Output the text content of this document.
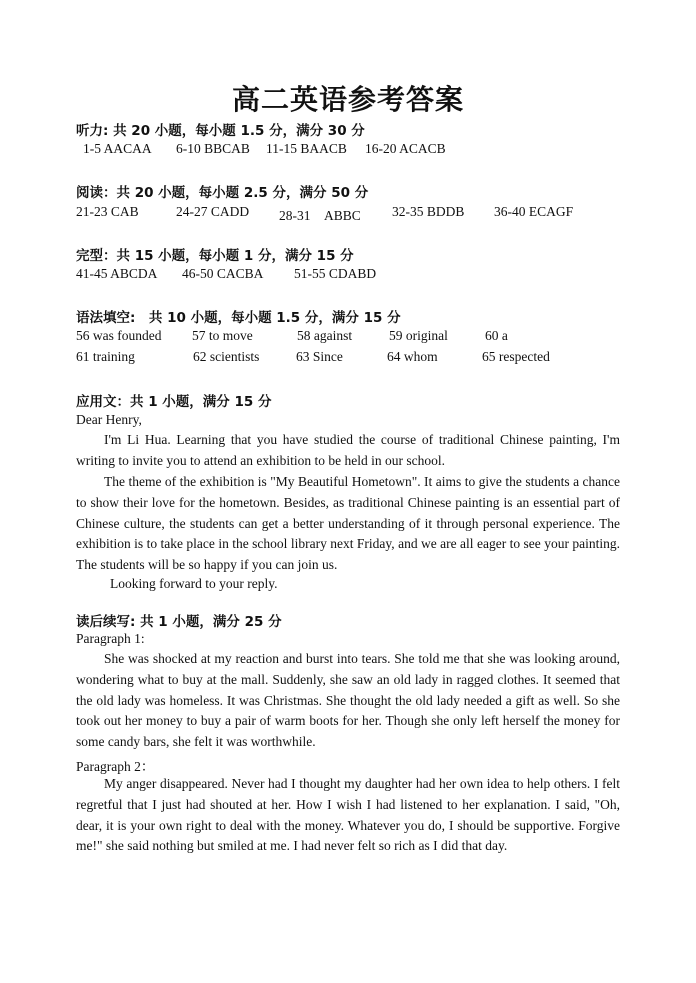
高二英语参考答案
听力: 共 20 小题，每小题 1.5 分，满分 30 分
1-5 AACAA 6-10 BBCAB 11-15 BAACB 16-20 ACACB
阅读：共 20 小题，每小题 2.5 分，满分 50 分
21-23 CAB	24-27 CADD 28-31　ABBC 32-35 BDDB 36-40 ECAGF
完型：共 15 小题，每小题 1 分，满分 15 分
41-45 ABCDA 46-50 CACBA 51-55 CDABD
语法填空:　共 10 小题，每小题 1.5 分，满分 15 分
56 was founded 57 to move	58 against	59 original	60 a
61 training	62 scientists	63 Since	64 whom	65 respected
应用文：共 1 小题，满分 15 分
Dear Henry,

I'm Li Hua. Learning that you have studied the course of traditional Chinese painting, I'm writing to invite you to attend an exhibition to be held in our school.

The theme of the exhibition is "My Beautiful Hometown". It aims to give the students a chance to show their love for the hometown. Besides, as traditional Chinese painting is an essential part of Chinese culture, the students can get a better understanding of it through personal experience. The exhibition is to take place in the school library next Friday, and we are all eager to see your painting. The students will be so happy if you can join us.

Looking forward to your reply.

读后续写: 共 1 小题，满分 25 分
Paragraph 1:

She was shocked at my reaction and burst into tears. She told me that she was looking around, wondering what to buy at the mall. Suddenly, she saw an old lady in ragged clothes. It seemed that the old lady was homeless. It was Christmas. She thought the old lady needed a gift as well. So she took out her money to buy a pair of warm boots for her. Though she only left herself the money for some candy bars, she felt it was worthwhile.

Paragraph 2：

My anger disappeared. Never had I thought my daughter had her own idea to help others. I felt regretful that I just had shouted at her. How I wish I had listened to her explanation. I said, "Oh, dear, it is your own right to deal with the money. Whatever you do, I should be supportive. Forgive me!" she said nothing but smiled at me. I had never felt so rich as I did that day.
